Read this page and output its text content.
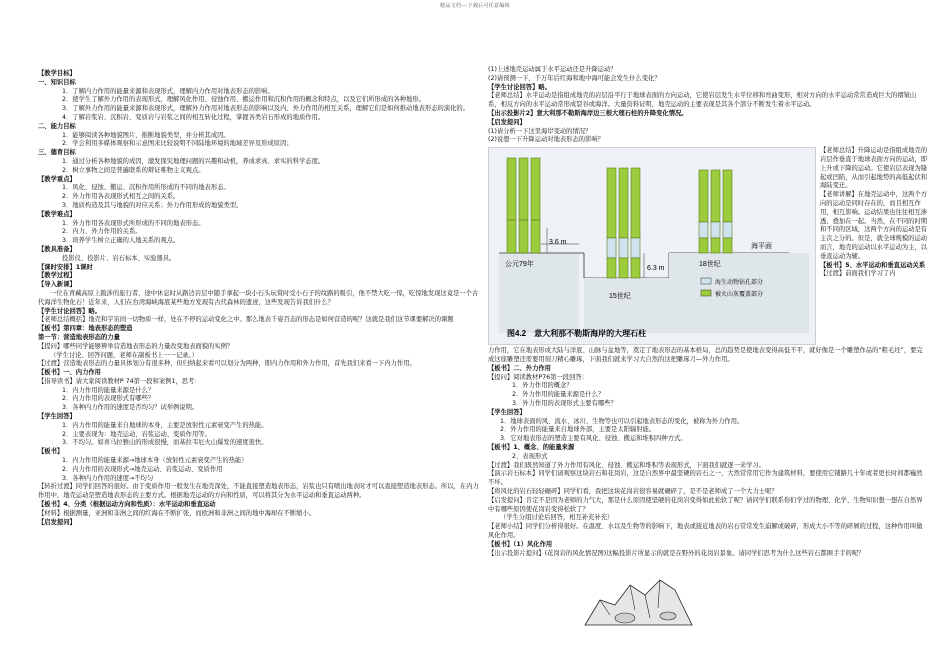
精品文档---下载后可任意编辑
【教学目标】
一、知识目标
1．了解内力作用的能量来源和表现形式，理解内力作用对地表形态的影响。
2．使学生了解外力作用的表现形式，理解风化作用、侵蚀作用、搬运作用和沉积作用的概念和特点，以及它们所形成的各种地形。
3．了解外力作用的能量来源和表现形式，理解外力作用对地表形态的影响以及内、外力作用的相互关系，理解它们是如何推动地表形态的演化的。
4．了解岩浆岩、沉积岩、变质岩与岩浆之间的相互转化过程，掌握各类岩石形成的地质作用。
二、能力目标
1．能够阅读各种地貌图片，推断地貌类型，并分析其成因。
2．学会利用多媒体观察和示意图来比较说明不同陆地环境的地域差异及形成原因；
三、德育目标
1．通过分析各种地貌的成因，激发探究地理问题的兴趣和动机，养成求真、求实的科学态度。
2．树立事物之间是普遍联系的辩证唯物主义观点。
【教学重点】
1．风化、侵蚀、搬运、沉积作用所形成的不同的地表形态。
2．外力作用各表现形式相互之间的关系。
3．地质构造及其与地貌的对应关系；外力作用形成的地貌类型。
【教学难点】
1．外力作用各表现形式所形成的不同的地表形态。
2．内力、外力作用的关系。
3．培养学生树立正确的人地关系的观点。
【教具准备】
投影仪、投影片、岩石标本、实验器具。
【课时安排】1课时
【教学过程】
【导入新课】
一位在青藏高原上跋涉的旅行者，途中休息时从路边岩层中随手拿起一块小石头玩赏时受小石子的纹路的吸引，他不禁大吃一惊，吃惊地发现这竟是一个古代海洋生物化石！近年来，人们在台湾海峡海底某些地方发现有古代森林的遗迹，这些发现告诉我们什么？
【学生讨论回答】略。
【老师总结概括】地壳和宇宙间一切物质一样，处在不停的运动变化之中。那么地表千姿百态的形态是如何营造的呢？这就是我们这节课要解决的课题
【板书】第四章：地表形态的塑造
第一节：营造地表形态的力量
【提问】哪些同学能够辨举营造地表形态的力量改变地表面貌的实例？
（学生讨论、回答问题，老师在副板书上一一记录。）
【过渡】营造地表形态的力量具体划分有很多种，但归纳起来看可以划分为两种，即内力作用和外力作用，首先我们来看一下内力作用。
【板书】一、内力作用
【指导读书】请大家阅读教材P 74第一段和案例1，思考：
1．内力作用的能量来源是什么？
2．内力作用的表现形式有哪些？
3．各种内力作用的速度是否均匀？试举例说明。
【学生回答】
1．内力作用的能量来自地球的本身，主要是放射性元素衰变产生的热能。
2．主要表现为：地壳运动、岩浆运动、变质作用等。
3．不均匀。如喜马拉雅山的形成很慢，而基拉韦厄火山爆发的速度很快。
【板书】
1．内力作用的能量来源→地球本身（放射性元素衰变产生的热能）
2．内力作用的表现形式→地壳运动、岩浆运动、变质作用
3．各种内力作用的速度→不均匀
【转折过渡】同学们回答的很好。由于变质作用一般发生在地壳深处，不能直接塑造地表形态，岩浆也只有喷出地表时才可以直接塑造地表形态。所以，在内力作用中，地壳运动是塑造地表形态的主要方式。根据地壳运动的方向和性质，可以将其分为水平运动和垂直运动两种。
【板书】4、分类（根据运动方向和性质）：水平运动和垂直运动
【材料】根据测量，亚洲和非洲之间的红海在不断扩张，而欧洲和非洲之间的地中海却在不断缩小。
【启发提问】
(1)上述地壳运动属于水平运动还是升降运动？
(2)请预测一下，千万年后红海和地中海可能会发生什么变化？
【学生讨论回答】略。
【老师总结】水平运动是指组成地壳的岩层沿平行于地球表面的方向运动，它使岩层发生水平位移和弯曲变形，相对方向的水平运动常常造成巨大的褶皱山系，相反方向的水平运动常形成裂谷或海洋。大量资料证明，地壳运动的主要表现是其各个部分不断发生着水平运动。
【出示投影片2】意大利那不勒斯海岸边三根大理石柱的升降变化情况。
【启发提问】
(1)请分析一下这里海岸变动的情况？
(2)说想一下升降运动对地表形态的影响？
3.6 m
公元79年
6.3 m
15世纪
18世纪
海平面
海生动物钻孔部分
被火山灰覆盖部分
图4.2　意大利那不勒斯海岸的大理石柱
【老师总结】升降运动是指组成地壳的岩层作垂直于地球表面方向的运动，即上升或下降的运动。它使岩层表现为隆起或凹陷，从而引起地势的高低起伏和海陆变迁。
【老师讲解】在地壳运动中，这两个方向的运动是同时存在的，而且相互作用，相互影响。运动结果也往往相互渗透、叠加在一起。当然，在不同的时期和不同的区域，这两个方向的运动是有主次之分的。但是，就全球规模的运动而言，地壳的运动以水平运动为主，以垂直运动为辅。
【板书】5、水平运动和垂直运动关系
【过渡】前面我们学习了内
力作用，它在地表形成大陆与洋底、山脉与盆地等，奠定了地表形态的基本格局，总的趋势是使地表变得高低不平，就好像是一个雕塑作品的“粗毛坯”，要完成这座雕塑还需要用刻刀精心雕琢，下面我们就来学习大自然的这把雕琢刀—外力作用。
【板书】二、外力作用
【提问】阅读教材P76第一段回答：
1．外力作用的概念？
2．外力作用的能量来源是什么？
3．外力作用的表现形式主要有哪些？
【学生回答】
1．地球表面的风、流水、冰川、生物等也可以引起地表形态的变化，被称为外力作用。
2．外力作用的能量来自地球外部，主要是太阳辐射能。
3．它对地表形态的塑造主要有风化、侵蚀、搬运和堆积四种方式。
【板书】1、概念、的能量来源
2、表现形式
【过渡】我们既然知道了外力作用有风化、侵蚀、搬运和堆积等表现形式，下面我们就逐一来学习。
【演示岩石标本】同学们请观察这块岩石和花岗岩，这是自然界中最坚硬的岩石之一，大然常常用它作为建筑材料，要使用它铺路几十年或者更长时间都巍然不坏。
【将风化的岩石轻轻碾碎】同学们看，我把这块花岗岩很容易就碾碎了，是不是老师成了一个大力士呢？
【启发提问】肯定不是因为老师的力气大，那是什么原因使坚硬的花岗岩变得如此松软了呢？请同学们联系你们学过的物理、化学、生物知识想一想在自然界中有哪些原因使花岗岩变得松软了？
（学生分组讨论后回答，相互补充补充）
【老师小结】同学们分析得很好。在温度、水以及生物等的影响下，地表或接近地表的岩石常常发生崩解或破碎，形成大小不等的碎屑的过程，这种作用叫做风化作用。
【板书】（1）风化作用
【出示投影片提问】(花岗岩的风化情况图)这幅投影片所显示的就是在野外的花岗岩景象。请同学们思考为什么这些岩石都围手手的呢？
